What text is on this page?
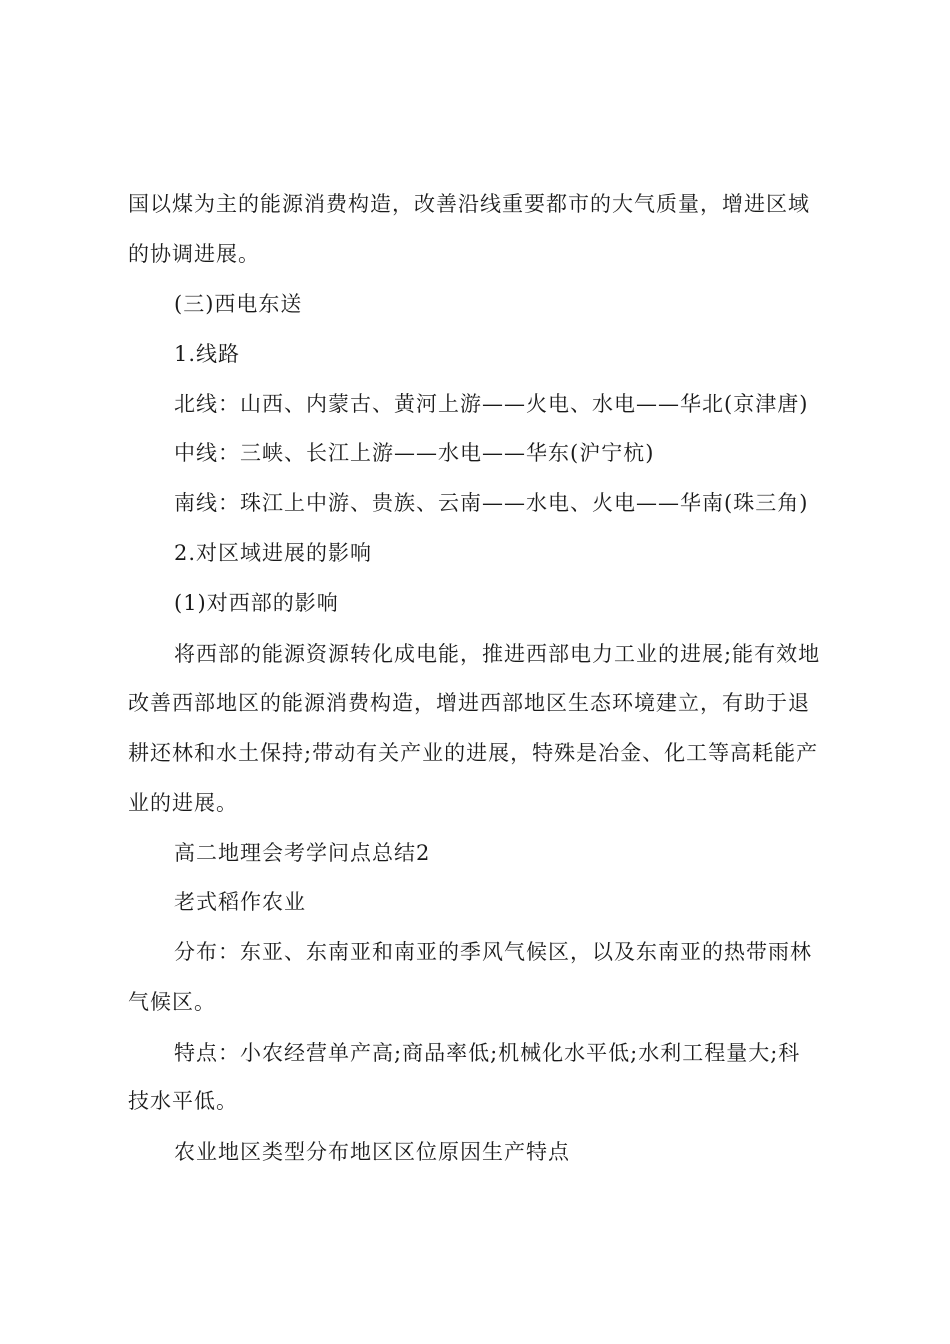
国以煤为主的能源消费构造，改善沿线重要都市的大气质量，增进区域

的协调进展。

(三)西电东送

1.线路

北线：山西、内蒙古、黄河上游——火电、水电——华北(京津唐)

中线：三峡、长江上游——水电——华东(沪宁杭)

南线：珠江上中游、贵族、云南——水电、火电——华南(珠三角)

2.对区域进展的影响

(1)对西部的影响

将西部的能源资源转化成电能，推进西部电力工业的进展;能有效地

改善西部地区的能源消费构造，增进西部地区生态环境建立，有助于退

耕还林和水土保持;带动有关产业的进展，特殊是冶金、化工等高耗能产

业的进展。

高二地理会考学问点总结2

老式稻作农业

分布：东亚、东南亚和南亚的季风气候区，以及东南亚的热带雨林

气候区。

特点：小农经营单产高;商品率低;机械化水平低;水利工程量大;科

技水平低。

农业地区类型分布地区区位原因生产特点
